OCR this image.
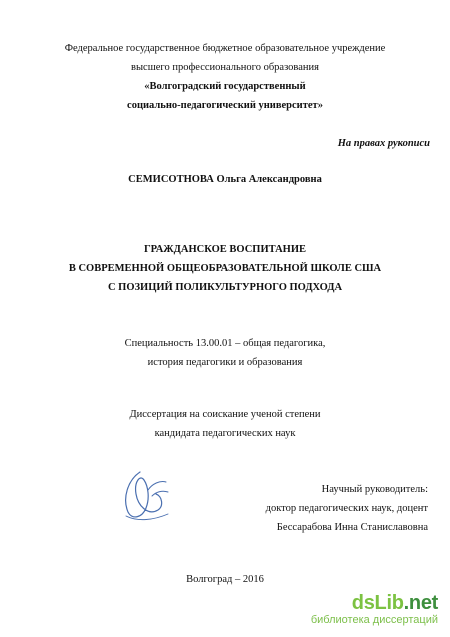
Федеральное государственное бюджетное образовательное учреждение
высшего профессионального образования
«Волгоградский государственный
социально-педагогический университет»
На правах рукописи
СЕМИСОТНОВА Ольга Александровна
ГРАЖДАНСКОЕ ВОСПИТАНИЕ
В СОВРЕМЕННОЙ ОБЩЕОБРАЗОВАТЕЛЬНОЙ ШКОЛЕ США
С ПОЗИЦИЙ ПОЛИКУЛЬТУРНОГО ПОДХОДА
Специальность 13.00.01 – общая педагогика,
история педагогики и образования
Диссертация на соискание ученой степени
кандидата педагогических наук
Научный руководитель:
доктор педагогических наук, доцент
Бессарабова Инна Станиславовна
Волгоград – 2016
dsLib.net
библиотека диссертаций
